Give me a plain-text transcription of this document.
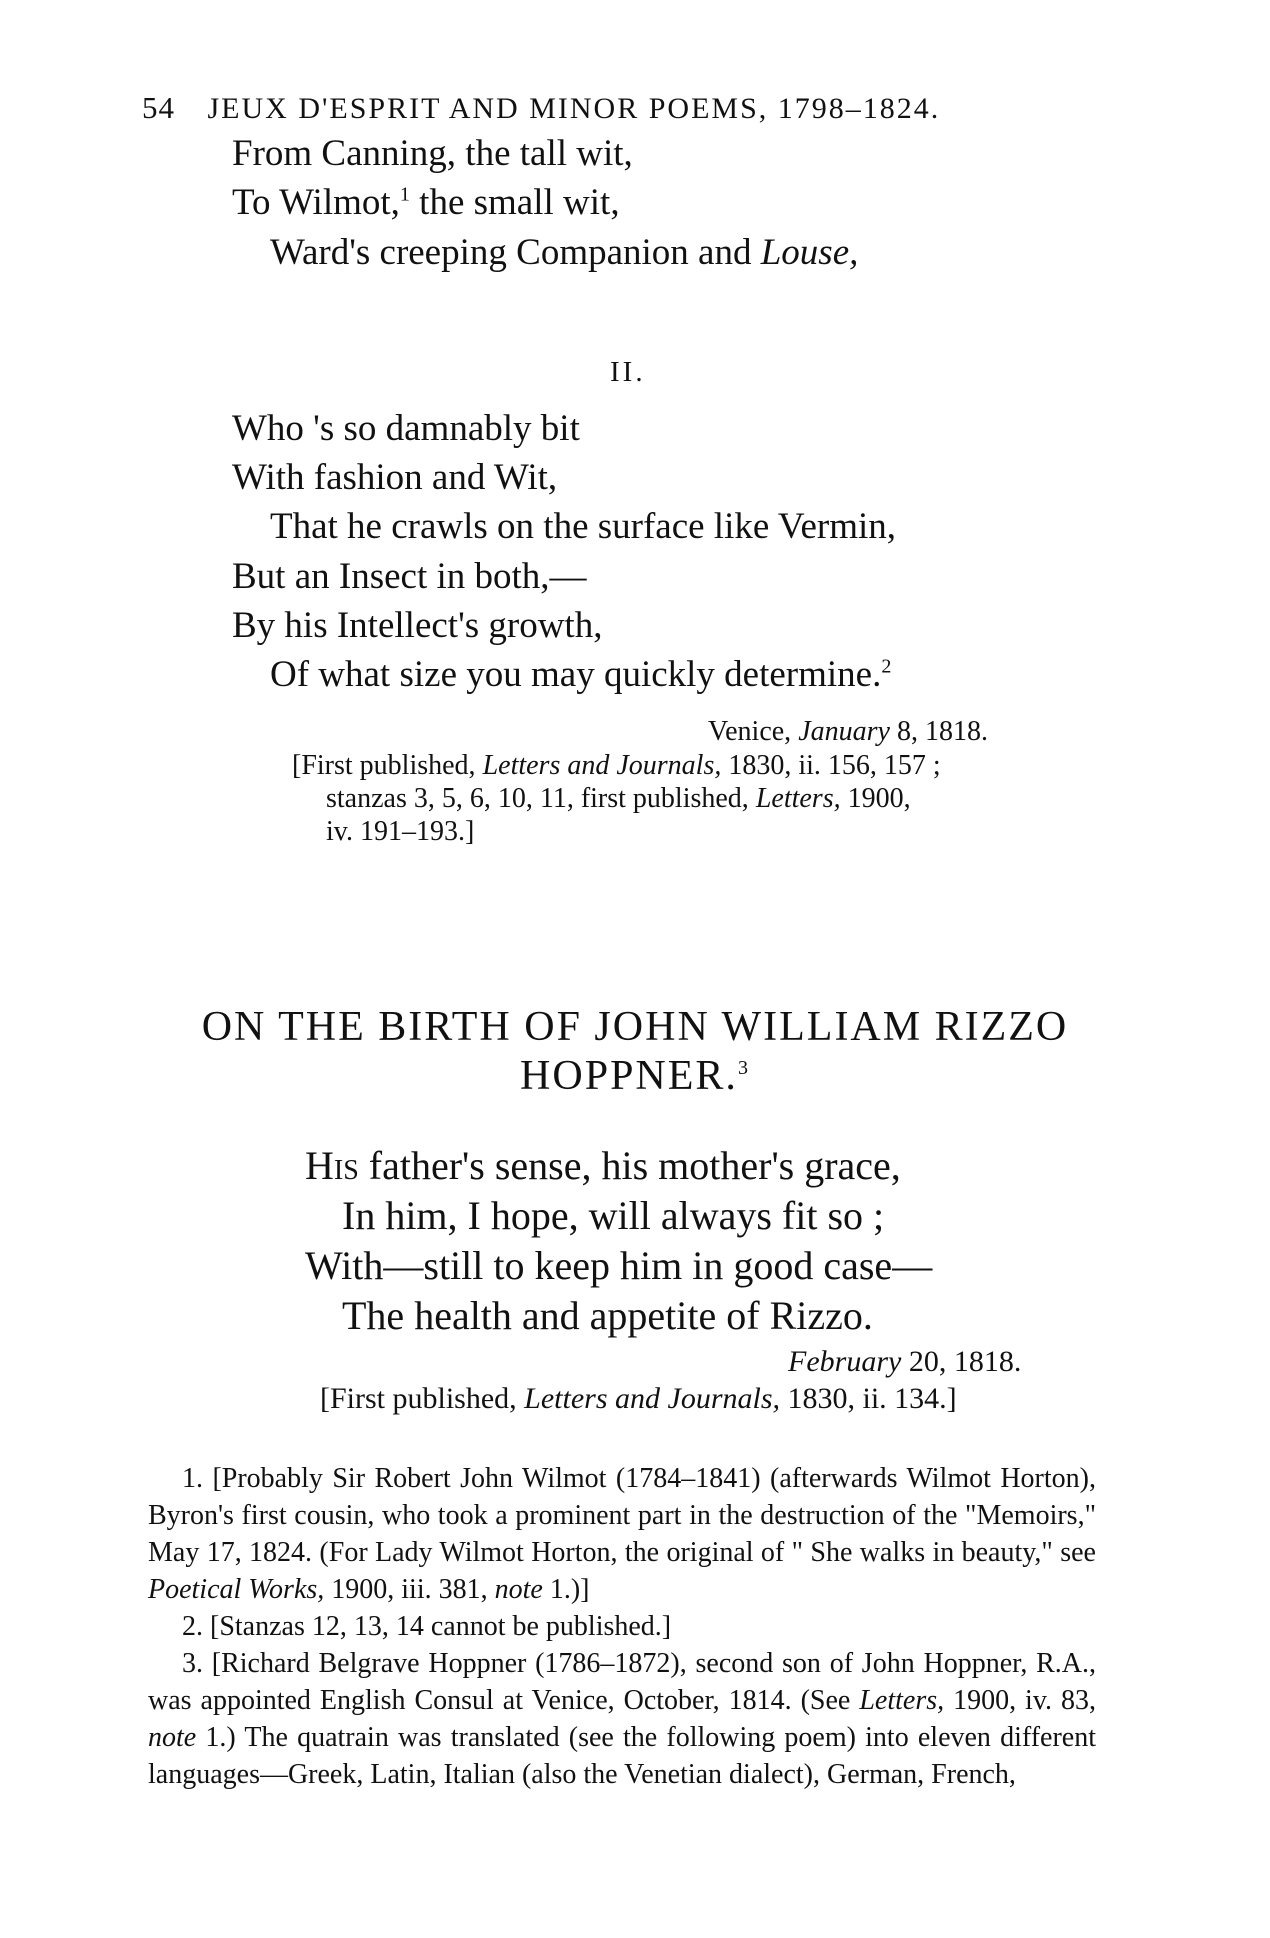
54 JEUX D'ESPRIT AND MINOR POEMS, 1798–1824.
From Canning, the tall wit,
To Wilmot,$^1$ the small wit,
Ward's creeping Companion and Louse,
II.
Who 's so damnably bit
With fashion and Wit,
That he crawls on the surface like Vermin,
But an Insect in both,—
By his Intellect's growth,
Of what size you may quickly determine.$^2$
Venice, January 8, 1818.
[First published, Letters and Journals, 1830, ii. 156, 157 ;
stanzas 3, 5, 6, 10, 11, first published, Letters, 1900,
iv. 191–193.]
ON THE BIRTH OF JOHN WILLIAM RIZZO
HOPPNER.$^3$
His father's sense, his mother's grace,
In him, I hope, will always fit so ;
With—still to keep him in good case—
The health and appetite of Rizzo.
February 20, 1818.
[First published, Letters and Journals, 1830, ii. 134.]

1. [Probably Sir Robert John Wilmot (1784–1841) (afterwards Wilmot Horton), Byron's first cousin, who took a prominent part in the destruction of the "Memoirs," May 17, 1824. (For Lady Wilmot Horton, the original of " She walks in beauty," see Poetical Works, 1900, iii. 381, note 1.)]

2. [Stanzas 12, 13, 14 cannot be published.]

3. [Richard Belgrave Hoppner (1786–1872), second son of John Hoppner, R.A., was appointed English Consul at Venice, October, 1814. (See Letters, 1900, iv. 83, note 1.) The quatrain was translated (see the following poem) into eleven different languages—Greek, Latin, Italian (also the Venetian dialect), German, French,
